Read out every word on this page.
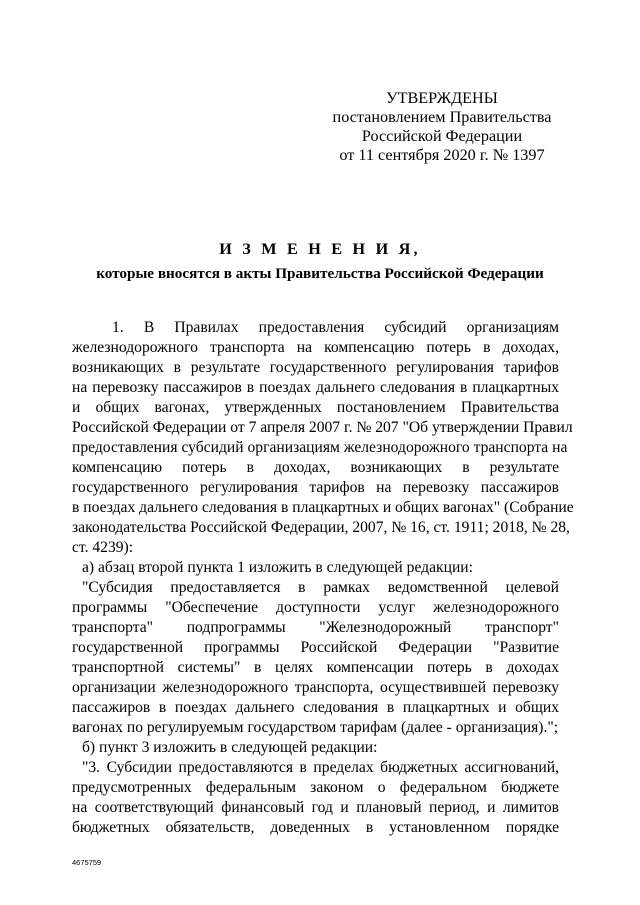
УТВЕРЖДЕНЫ
постановлением Правительства
Российской Федерации
от 11 сентября 2020 г. № 1397
И З М Е Н Е Н И Я,
которые вносятся в акты Правительства Российской Федерации
1. В Правилах предоставления субсидий организациям
железнодорожного транспорта на компенсацию потерь в доходах,
возникающих в результате государственного регулирования тарифов
на перевозку пассажиров в поездах дальнего следования в плацкартных
и общих вагонах, утвержденных постановлением Правительства
Российской Федерации от 7 апреля 2007 г. № 207 "Об утверждении Правил
предоставления субсидий организациям железнодорожного транспорта на
компенсацию потерь в доходах, возникающих в результате
государственного регулирования тарифов на перевозку пассажиров
в поездах дальнего следования в плацкартных и общих вагонах" (Собрание
законодательства Российской Федерации, 2007, № 16, ст. 1911; 2018, № 28,
ст. 4239):
а) абзац второй пункта 1 изложить в следующей редакции:
"Субсидия предоставляется в рамках ведомственной целевой
программы "Обеспечение доступности услуг железнодорожного
транспорта" подпрограммы "Железнодорожный транспорт"
государственной программы Российской Федерации "Развитие
транспортной системы" в целях компенсации потерь в доходах
организации железнодорожного транспорта, осуществившей перевозку
пассажиров в поездах дальнего следования в плацкартных и общих
вагонах по регулируемым государством тарифам (далее - организация).";
б) пункт 3 изложить в следующей редакции:
"3. Субсидии предоставляются в пределах бюджетных ассигнований,
предусмотренных федеральным законом о федеральном бюджете
на соответствующий финансовый год и плановый период, и лимитов
бюджетных обязательств, доведенных в установленном порядке
4675759
